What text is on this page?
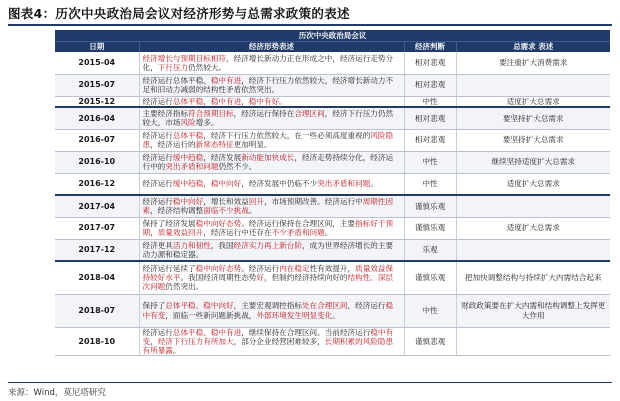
图表4：历次中央政治局会议对经济形势与总需求政策的表述
历次中央政治局会议			
日期	经济形势表述	经济判断	总需求 表述
2015-04	经济增长与预期目标相符，经济增长新动力正在形成之中，经济运行走势分化，下行压力仍然较大。	相对悲观	要注重扩大消费需求
2015-07	经济运行总体平稳、稳中有进，经济下行压力依然较大，经济增长新动力不足和旧动力减弱的结构性矛盾依然突出。	相对悲观	
2015-12	经济运行总体平稳，稳中有进，稳中有好。	中性	适度扩大总需求
2016-04	主要经济指标符合预期目标，经济运行保持在合理区间，经济下行压力仍然较大，市场风险增多。	相对悲观	要坚持扩大总需求
2016-07	经济运行总体平稳，经济下行压力依然较大，在一些必须高度重视的风险隐患，经济运行的新常态特征更加明显。	相对悲观	要坚持扩大总需求
2016-10	经济运行缓中趋稳，经济发展新动能加快成长，经济走势持续分化，经济运行中的突出矛盾和问题仍然不少。	中性	继续坚持适度扩大总需求
2016-12	经济运行缓中趋稳，稳中向好，经济发展中仍临不少突出矛盾和问题。	中性	适度扩大总需求
2017-04	经济运行稳中向好，增长和效益回升，市场预期改善。经济运行中周期性因素，经济结构调整面临不少挑战。	谨慎乐观	
2017-07	保持了经济发展稳中向好态势。经济运行保持在合理区间，主要指标好于预期，质量效益回升，经济运行中还存在不少矛盾和问题。	谨慎乐观	适度扩大总需求
2017-12	经济更具活力和韧性，我国经济实力再上新台阶，成为世界经济增长的主要动力源和稳定器。	乐观	
2018-04	经济运行延续了稳中向好态势。经济运行内在稳定性有效提升，质量效益保持较好水平。我国经济周期性态势好，但制约经济持续向好的结构性、深层次问题仍然突出。	谨慎乐观	把加快调整结构与持续扩大内需结合起来
2018-07	保持了总体平稳、稳中向好，主要宏观调控指标处在合理区间，经济运行稳中有变，面临一些新问题新挑战，外部环境发生明显变化。	中性	财政政策要在扩大内需和结构调整上发挥更大作用
2018-10	经济运行总体平稳、稳中有进，继续保持在合理区间。当前经济运行稳中有变，经济下行压力有所加大，部分企业经营困难较多，长期积累的风险隐患有所暴露。	谨慎悲观	
来源：Wind，莫尼塔研究
